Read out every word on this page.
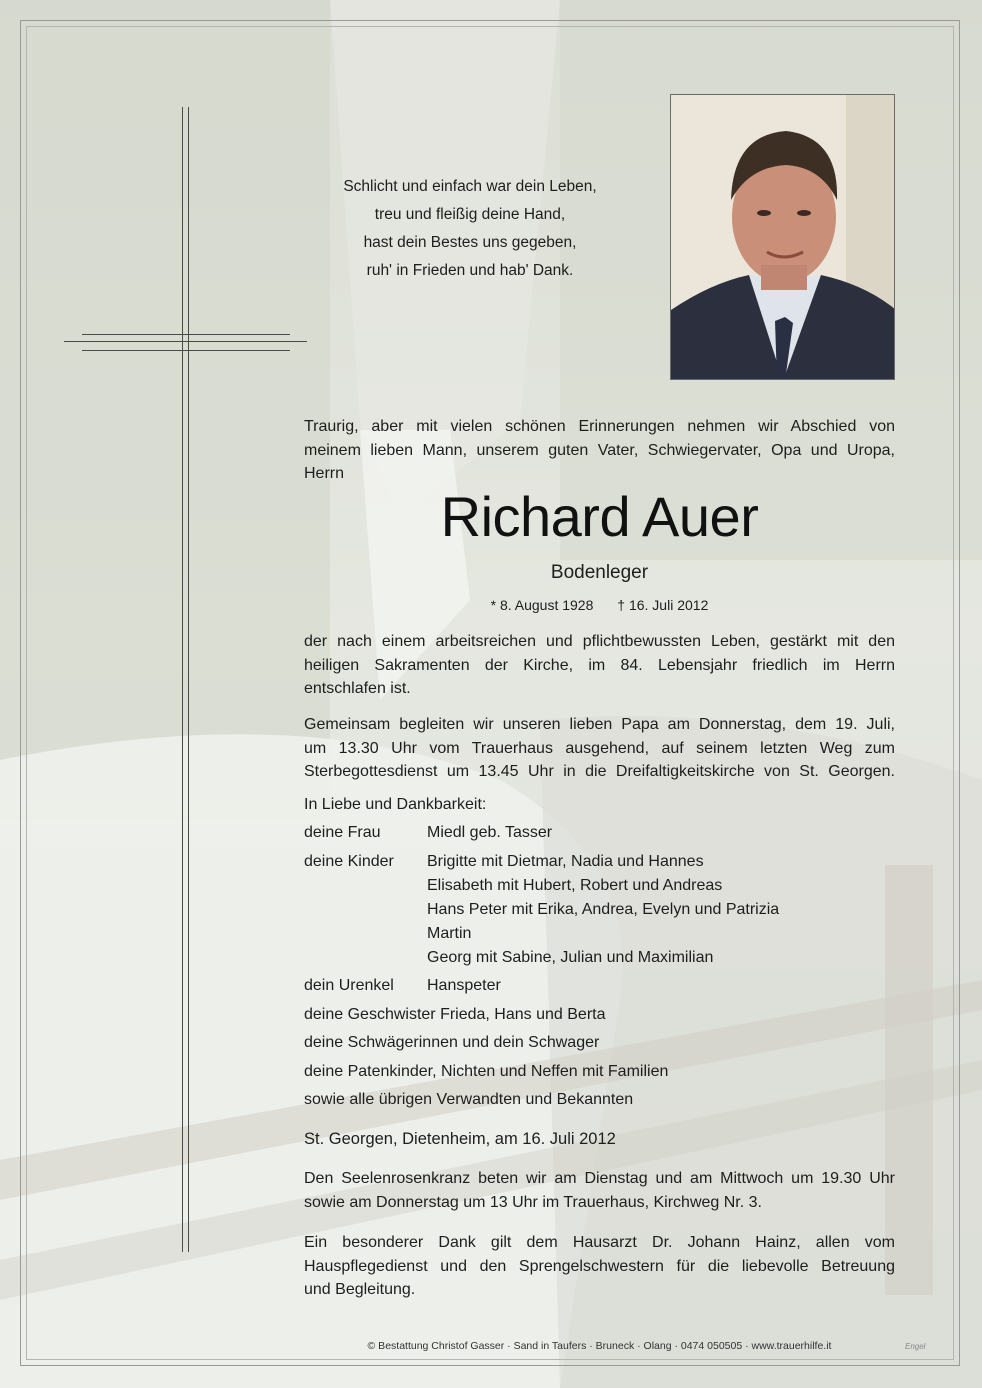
Schlicht und einfach war dein Leben,
treu und fleißig deine Hand,
hast dein Bestes uns gegeben,
ruh' in Frieden und hab' Dank.
Traurig, aber mit vielen schönen Erinnerungen nehmen wir Abschied von
meinem lieben Mann, unserem guten Vater, Schwiegervater, Opa und Uropa,
Herrn
Richard Auer
Bodenleger
* 8. August 1928 † 16. Juli 2012
der nach einem arbeitsreichen und pflichtbewussten Leben, gestärkt mit den
heiligen Sakramenten der Kirche, im 84. Lebensjahr friedlich im Herrn
entschlafen ist.
Gemeinsam begleiten wir unseren lieben Papa am Donnerstag, dem 19. Juli,
um 13.30 Uhr vom Trauerhaus ausgehend, auf seinem letzten Weg zum
Sterbegottesdienst um 13.45 Uhr in die Dreifaltigkeitskirche von St. Georgen.
In Liebe und Dankbarkeit:
deine Frau	Miedl geb. Tasser
deine Kinder Brigitte mit Dietmar, Nadia und Hannes
Elisabeth mit Hubert, Robert und Andreas
Hans Peter mit Erika, Andrea, Evelyn und Patrizia
Martin
Georg mit Sabine, Julian und Maximilian
dein Urenkel Hanspeter
deine Geschwister Frieda, Hans und Berta
deine Schwägerinnen und dein Schwager
deine Patenkinder, Nichten und Neffen mit Familien
sowie alle übrigen Verwandten und Bekannten
St. Georgen, Dietenheim, am 16. Juli 2012
Den Seelenrosenkranz beten wir am Dienstag und am Mittwoch um 19.30 Uhr
sowie am Donnerstag um 13 Uhr im Trauerhaus, Kirchweg Nr. 3.
Ein besonderer Dank gilt dem Hausarzt Dr. Johann Hainz, allen vom
Hauspflegedienst und den Sprengelschwestern für die liebevolle Betreuung
und Begleitung.
© Bestattung Christof Gasser · Sand in Taufers · Bruneck · Olang · 0474 050505 · www.trauerhilfe.it	Engel
